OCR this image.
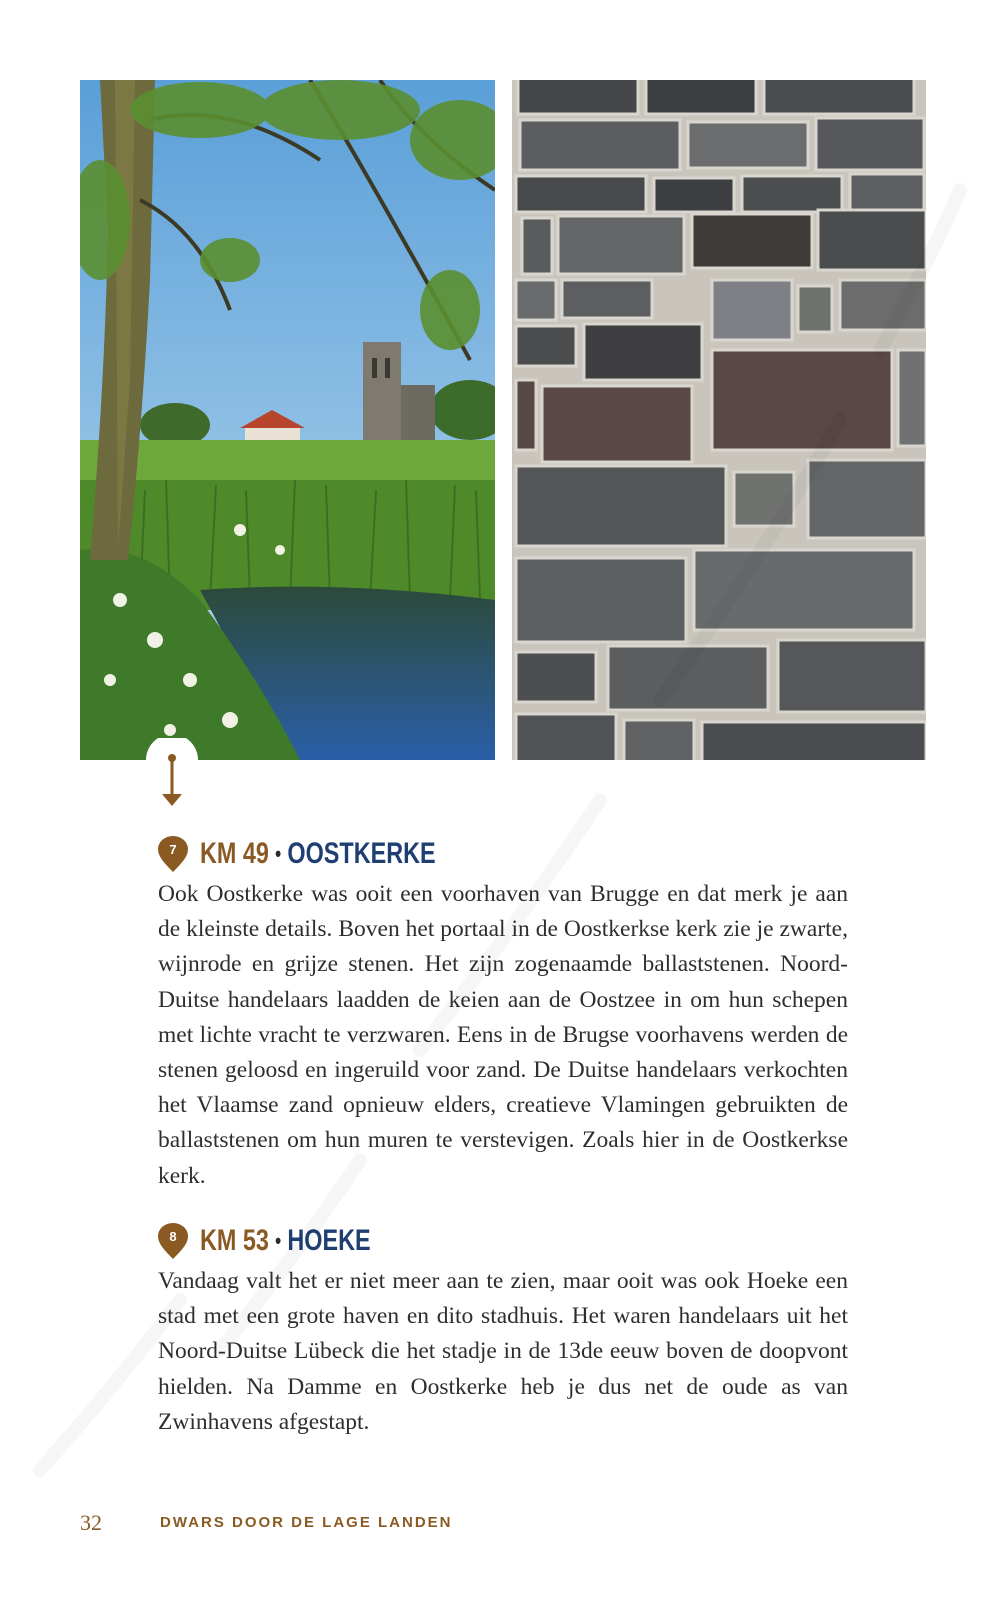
7 KM 49 • OOSTKERKE

Ook Oostkerke was ooit een voorhaven van Brugge en dat merk je aan de kleinste details. Boven het portaal in de Oostkerkse kerk zie je zwarte, wijnrode en grijze stenen. Het zijn zogenaamde ballaststenen. Noord-Duitse handelaars laadden de keien aan de Oostzee in om hun schepen met lichte vracht te verzwaren. Eens in de Brugse voorhavens werden de stenen geloosd en ingeruild voor zand. De Duitse handelaars verkochten het Vlaamse zand opnieuw elders, creatieve Vlamingen gebruikten de ballaststenen om hun muren te verstevigen. Zoals hier in de Oostkerkse kerk.

8 KM 53 • HOEKE

Vandaag valt het er niet meer aan te zien, maar ooit was ook Hoeke een stad met een grote haven en dito stadhuis. Het waren handelaars uit het Noord-Duitse Lübeck die het stadje in de 13de eeuw boven de doopvont hielden. Na Damme en Oostkerke heb je dus net de oude as van Zwinhavens afgestapt.

32	DWARS DOOR DE LAGE LANDEN
